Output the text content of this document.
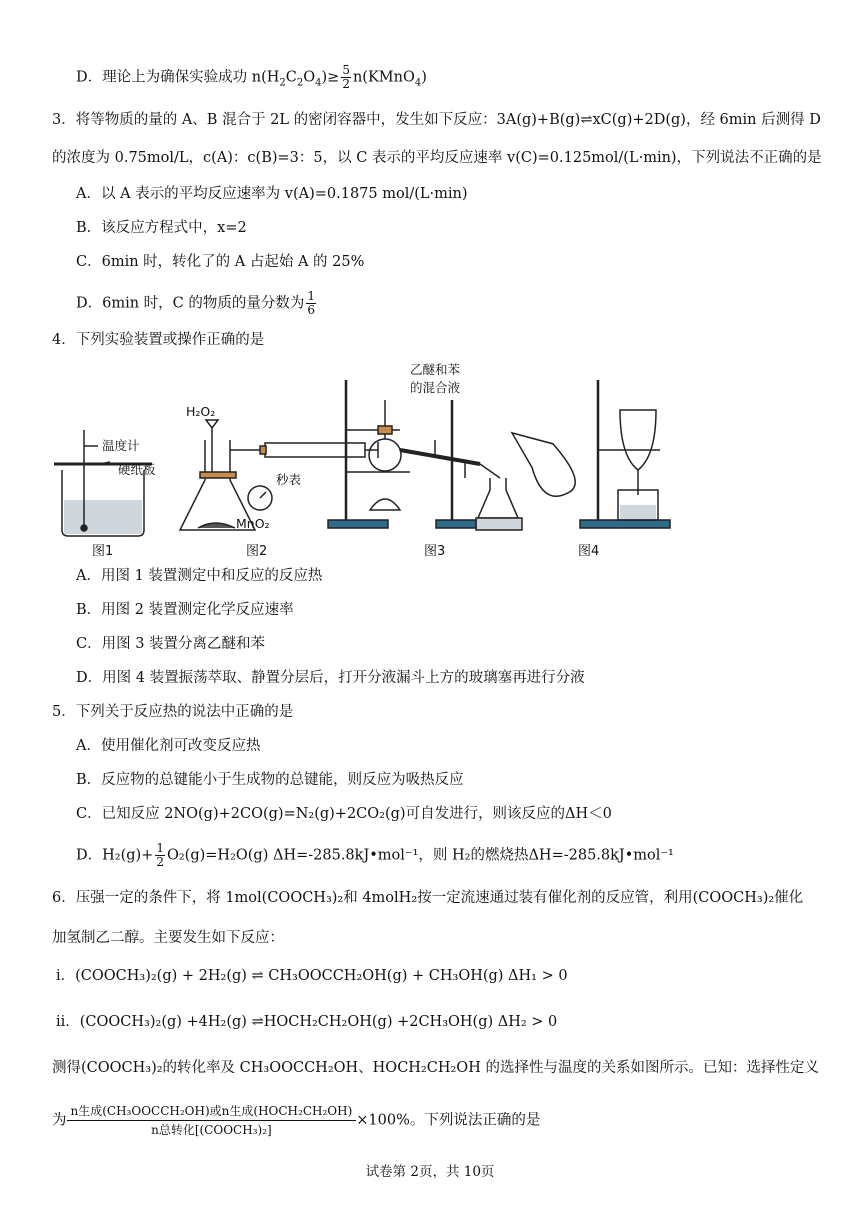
D．理论上为确保实验成功 $n(H_2C_2O_4)\ge \frac{5}{2}$ n(KMnO$_4$)
3．将等物质的量的 A、B 混合于 2L 的密闭容器中，发生如下反应：3A(g)+B(g)⇌xC(g)+2D(g)，经 6min 后测得 D
的浓度为 0.75mol/L，c(A)：c(B)=3：5，以 C 表示的平均反应速率 v(C)=0.125mol/(L·min)，下列说法不正确的是
A．以 A 表示的平均反应速率为 v(A)=0.1875 mol/(L·min)
B．该反应方程式中，x=2
C．6min 时，转化了的 A 占起始 A 的 25%
D．6min 时，C 的物质的量分数为 $\frac{1}{6}$
4．下列实验装置或操作正确的是
H₂O₂
温度计
硬纸板
秒表
MnO₂
乙醚和苯
的混合液
图1	图2	图3	图4
A．用图 1 装置测定中和反应的反应热
B．用图 2 装置测定化学反应速率
C．用图 3 装置分离乙醚和苯
D．用图 4 装置振荡萃取、静置分层后，打开分液漏斗上方的玻璃塞再进行分液
5．下列关于反应热的说法中正确的是
A．使用催化剂可改变反应热
B．反应物的总键能小于生成物的总键能，则反应为吸热反应
C．已知反应 2NO(g)+2CO(g)=N₂(g)+2CO₂(g)可自发进行，则该反应的ΔH＜0
D．$H_2(g)+ \frac{1}{2} O_2(g)=H_2O(g)$ ΔH=-285.8kJ•mol⁻¹，则 H₂的燃烧热ΔH=-285.8kJ•mol⁻¹
6．压强一定的条件下，将 1mol(COOCH₃)₂和 4molH₂按一定流速通过装有催化剂的反应管，利用(COOCH₃)₂催化
加氢制乙二醇。主要发生如下反应：
ⅰ．(COOCH₃)₂(g) + 2H₂(g) ⇌ CH₃OOCCH₂OH(g) + CH₃OH(g) ΔH₁ > 0
ⅱ．(COOCH₃)₂(g) +4H₂(g) ⇌HOCH₂CH₂OH(g) +2CH₃OH(g) ΔH₂ > 0
测得(COOCH₃)₂的转化率及 CH₃OOCCH₂OH、HOCH₂CH₂OH 的选择性与温度的关系如图所示。已知：选择性定义
为 $\frac{\text{n生成(CH₃OOCCH₂OH)或n生成(HOCH₂CH₂OH)}}{\text{n总转化[(COOCH₃)₂]}} \times 100\%$。下列说法正确的是
试卷第 2页，共 10页
